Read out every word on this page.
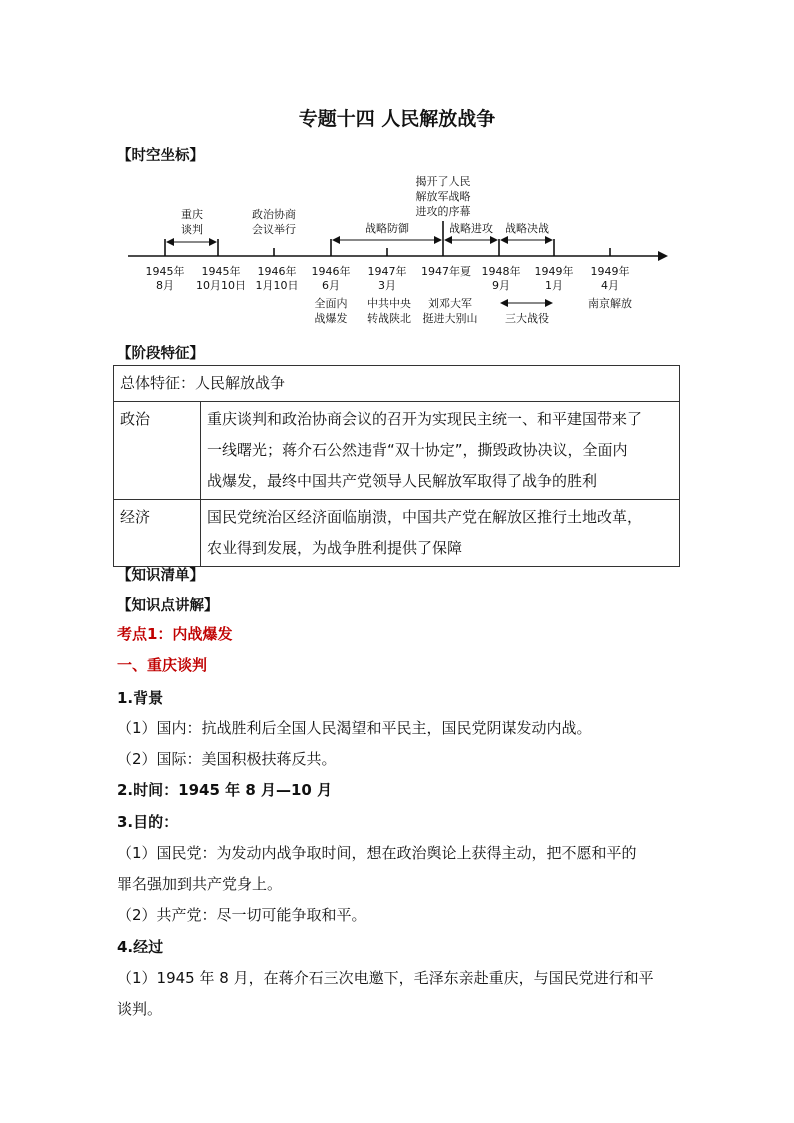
专题十四 人民解放战争
【时空坐标】
重庆
谈判
政治协商
会议举行
揭开了人民
解放军战略
进攻的序幕
战略防御	战略进攻 战略决战
1945年
8月
1945年
10月10日
1946年
1月10日
1946年
6月
1947年
3月
1947年夏 1948年
9月
1949年
1月
1949年
4月
全面内
战爆发
中共中央
转战陕北
刘邓大军
挺进大别山	三大战役
南京解放
【阶段特征】
总体特征：人民解放战争	
政治	重庆谈判和政治协商会议的召开为实现民主统一、和平建国带来了
一线曙光；蒋介石公然违背“双十协定”，撕毁政协决议，全面内
战爆发，最终中国共产党领导人民解放军取得了战争的胜利

经济	国民党统治区经济面临崩溃，中国共产党在解放区推行土地改革，
农业得到发展，为战争胜利提供了保障
【知识清单】
【知识点讲解】
考点1：内战爆发
一、重庆谈判
1.背景
（1）国内：抗战胜利后全国人民渴望和平民主，国民党阴谋发动内战。
（2）国际：美国积极扶蒋反共。
2.时间：1945 年 8 月—10 月
3.目的：
（1）国民党：为发动内战争取时间，想在政治舆论上获得主动，把不愿和平的
罪名强加到共产党身上。
（2）共产党：尽一切可能争取和平。
4.经过
（1）1945 年 8 月，在蒋介石三次电邀下，毛泽东亲赴重庆，与国民党进行和平
谈判。
